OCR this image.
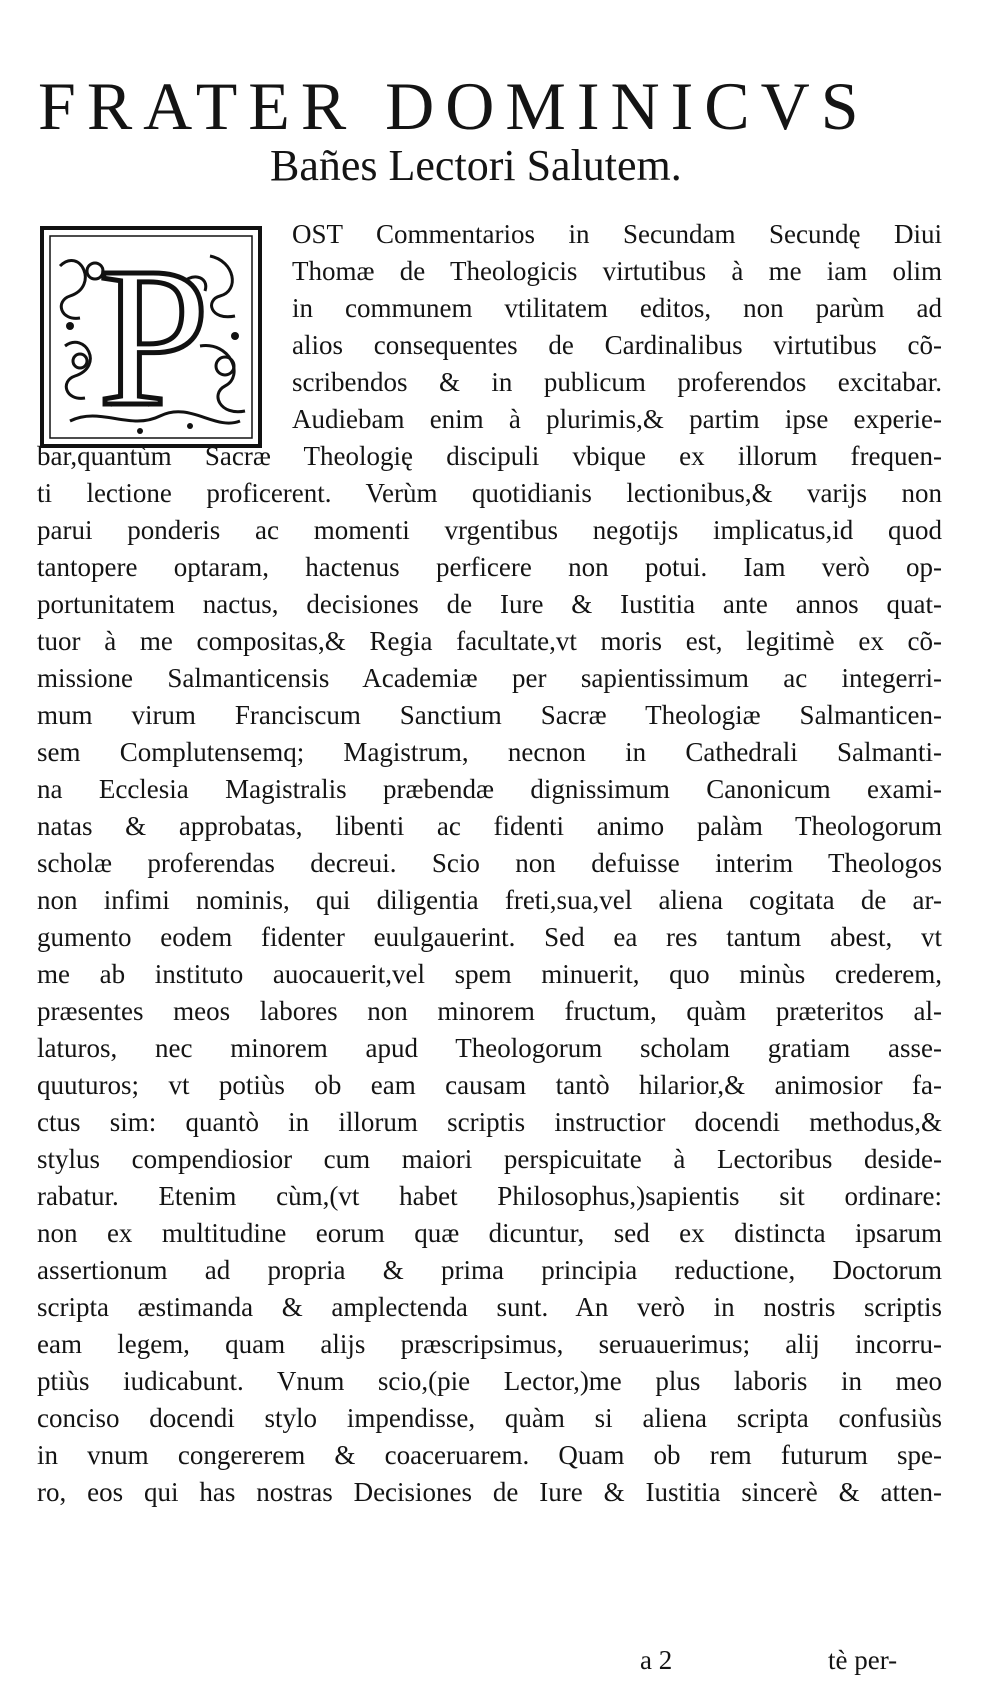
FRATER DOMINICVS
Bañes Lectori Salutem.
P	OST Commentarios in Secundam Secundę Diui
Thomæ de Theologicis virtutibus à me iam olim
in communem vtilitatem editos, non parùm ad
alios consequentes de Cardinalibus virtutibus cõ-
scribendos & in publicum proferendos excitabar.
Audiebam enim à plurimis,& partim ipse experie-
bar,quantùm Sacræ Theologię discipuli vbique ex illorum frequen-
ti lectione proficerent. Verùm quotidianis lectionibus,& varijs non
parui ponderis ac momenti vrgentibus negotijs implicatus,id quod
tantopere optaram, hactenus perficere non potui. Iam verò op-
portunitatem nactus, decisiones de Iure & Iustitia ante annos quat-
tuor à me compositas,& Regia facultate,vt moris est, legitimè ex cõ-
missione Salmanticensis Academiæ per sapientissimum ac integerri-
mum virum Franciscum Sanctium Sacræ Theologiæ Salmanticen-
sem Complutensemq; Magistrum, necnon in Cathedrali Salmanti-
na Ecclesia Magistralis præbendæ dignissimum Canonicum exami-
natas & approbatas, libenti ac fidenti animo palàm Theologorum
scholæ proferendas decreui. Scio non defuisse interim Theologos
non infimi nominis, qui diligentia freti,sua,vel aliena cogitata de ar-
gumento eodem fidenter euulgauerint. Sed ea res tantum abest, vt
me ab instituto auocauerit,vel spem minuerit, quo minùs crederem,
præsentes meos labores non minorem fructum, quàm præteritos al-
laturos, nec minorem apud Theologorum scholam gratiam asse-
quuturos; vt potiùs ob eam causam tantò hilarior,& animosior fa-
ctus sim: quantò in illorum scriptis instructior docendi methodus,&
stylus compendiosior cum maiori perspicuitate à Lectoribus deside-
rabatur. Etenim cùm,(vt habet Philosophus,)sapientis sit ordinare:
non ex multitudine eorum quæ dicuntur, sed ex distincta ipsarum
assertionum ad propria & prima principia reductione, Doctorum
scripta æstimanda & amplectenda sunt. An verò in nostris scriptis
eam legem, quam alijs præscripsimus, seruauerimus; alij incorru-
ptiùs iudicabunt. Vnum scio,(pie Lector,)me plus laboris in meo
conciso docendi stylo impendisse, quàm si aliena scripta confusiùs
in vnum congererem & coaceruarem. Quam ob rem futurum spe-
ro, eos qui has nostras Decisiones de Iure & Iustitia sincerè & atten-
a 2	tè per-
